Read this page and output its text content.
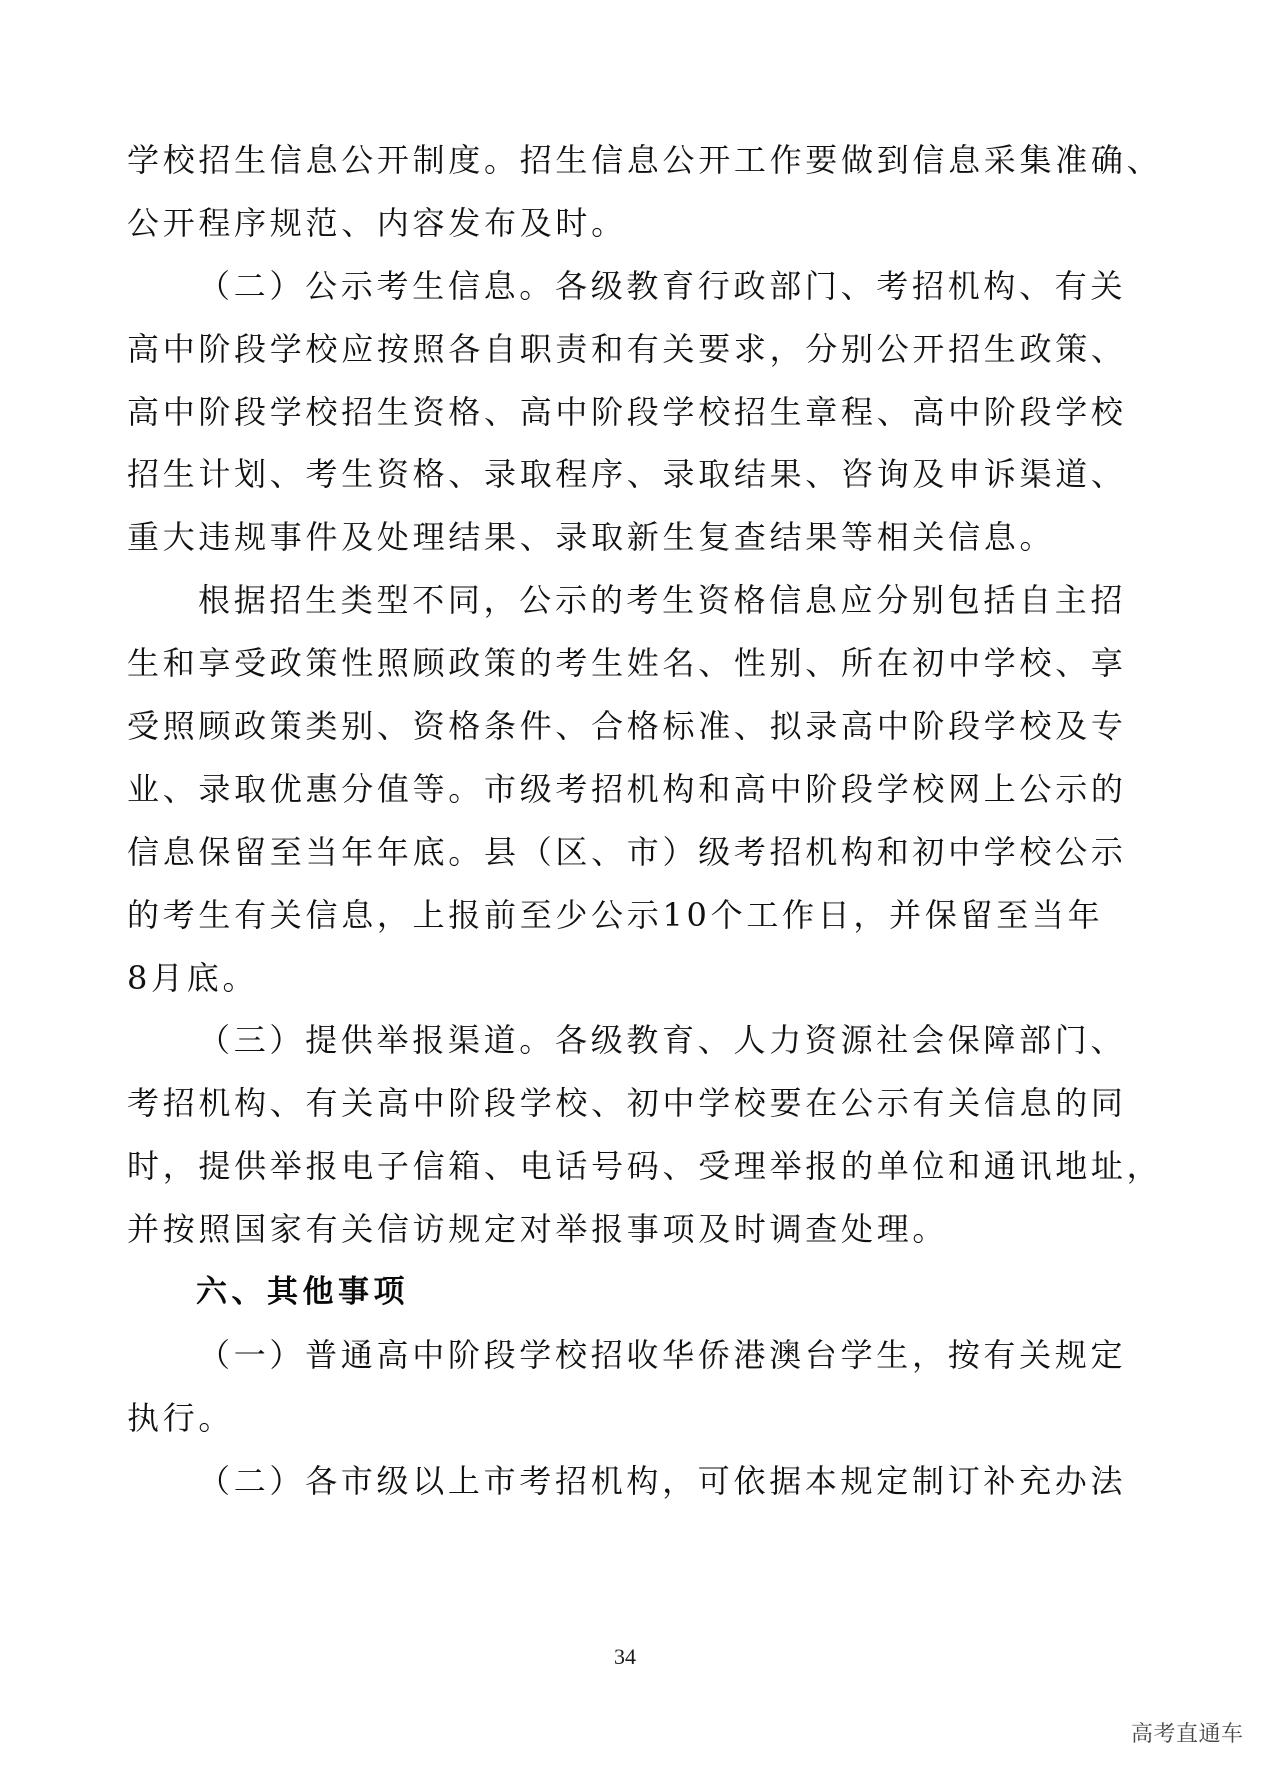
学校招生信息公开制度。招生信息公开工作要做到信息采集准确、
公开程序规范、内容发布及时。
（二）公示考生信息。各级教育行政部门、考招机构、有关
高中阶段学校应按照各自职责和有关要求，分别公开招生政策、
高中阶段学校招生资格、高中阶段学校招生章程、高中阶段学校
招生计划、考生资格、录取程序、录取结果、咨询及申诉渠道、
重大违规事件及处理结果、录取新生复查结果等相关信息。
根据招生类型不同，公示的考生资格信息应分别包括自主招
生和享受政策性照顾政策的考生姓名、性别、所在初中学校、享
受照顾政策类别、资格条件、合格标准、拟录高中阶段学校及专
业、录取优惠分值等。市级考招机构和高中阶段学校网上公示的
信息保留至当年年底。县（区、市）级考招机构和初中学校公示
的考生有关信息，上报前至少公示10个工作日，并保留至当年
8月底。
（三）提供举报渠道。各级教育、人力资源社会保障部门、
考招机构、有关高中阶段学校、初中学校要在公示有关信息的同
时，提供举报电子信箱、电话号码、受理举报的单位和通讯地址，
并按照国家有关信访规定对举报事项及时调查处理。
六、其他事项
（一）普通高中阶段学校招收华侨港澳台学生，按有关规定
执行。
（二）各市级以上市考招机构，可依据本规定制订补充办法
34
高考直通车
